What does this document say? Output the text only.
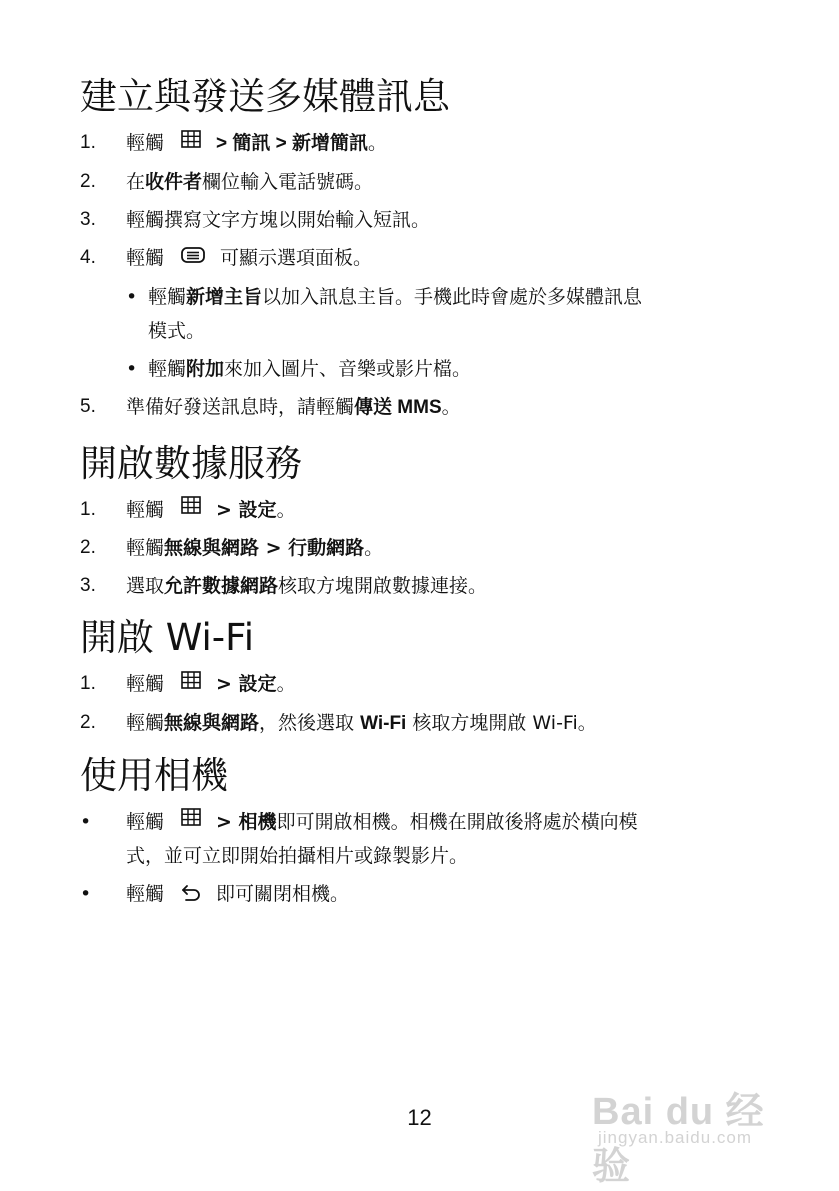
建立與發送多媒體訊息
1.	輕觸	> 簡訊 > 新增簡訊。
2.	在收件者欄位輸入電話號碼。
3.	輕觸撰寫文字方塊以開始輸入短訊。
4.	輕觸	可顯示選項面板。
• 輕觸新增主旨以加入訊息主旨。手機此時會處於多媒體訊息
模式。
• 輕觸附加來加入圖片、音樂或影片檔。
5.	準備好發送訊息時，請輕觸傳送 MMS。
開啟數據服務
1.	輕觸	> 設定。
2.	輕觸無線與網路 > 行動網路。
3.	選取允許數據網路核取方塊開啟數據連接。
開啟 Wi-Fi
1.	輕觸	> 設定。
2.	輕觸無線與網路，然後選取 Wi-Fi 核取方塊開啟 Wi-Fi。
使用相機
• 輕觸	> 相機即可開啟相機。相機在開啟後將處於橫向模
式，並可立即開始拍攝相片或錄製影片。
• 輕觸	即可關閉相機。
12	Bai du 经验
jingyan.baidu.com
